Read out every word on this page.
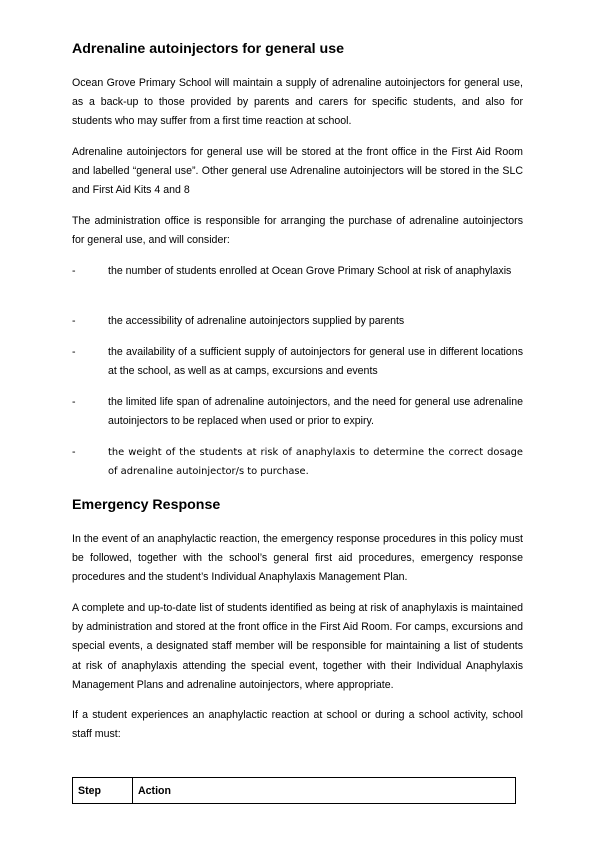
Adrenaline autoinjectors for general use
Ocean Grove Primary School will maintain a supply of adrenaline autoinjectors for general use, as a back-up to those provided by parents and carers for specific students, and also for students who may suffer from a first time reaction at school.
Adrenaline autoinjectors for general use will be stored at the front office in the First Aid Room and labelled “general use”. Other general use Adrenaline autoinjectors will be stored in the SLC and First Aid Kits 4 and 8
The administration office is responsible for arranging the purchase of adrenaline autoinjectors for general use, and will consider:
-	the number of students enrolled at Ocean Grove Primary School at risk of anaphylaxis
-	the accessibility of adrenaline autoinjectors supplied by parents
-	the availability of a sufficient supply of autoinjectors for general use in different locations at the school, as well as at camps, excursions and events
-	the limited life span of adrenaline autoinjectors, and the need for general use adrenaline autoinjectors to be replaced when used or prior to expiry.
-	the weight of the students at risk of anaphylaxis to determine the correct dosage of adrenaline autoinjector/s to purchase.
Emergency Response
In the event of an anaphylactic reaction, the emergency response procedures in this policy must be followed, together with the school’s general first aid procedures, emergency response procedures and the student’s Individual Anaphylaxis Management Plan.
A complete and up-to-date list of students identified as being at risk of anaphylaxis is maintained by administration and stored at the front office in the First Aid Room. For camps, excursions and special events, a designated staff member will be responsible for maintaining a list of students at risk of anaphylaxis attending the special event, together with their Individual Anaphylaxis Management Plans and adrenaline autoinjectors, where appropriate.
If a student experiences an anaphylactic reaction at school or during a school activity, school staff must:
Step	Action
